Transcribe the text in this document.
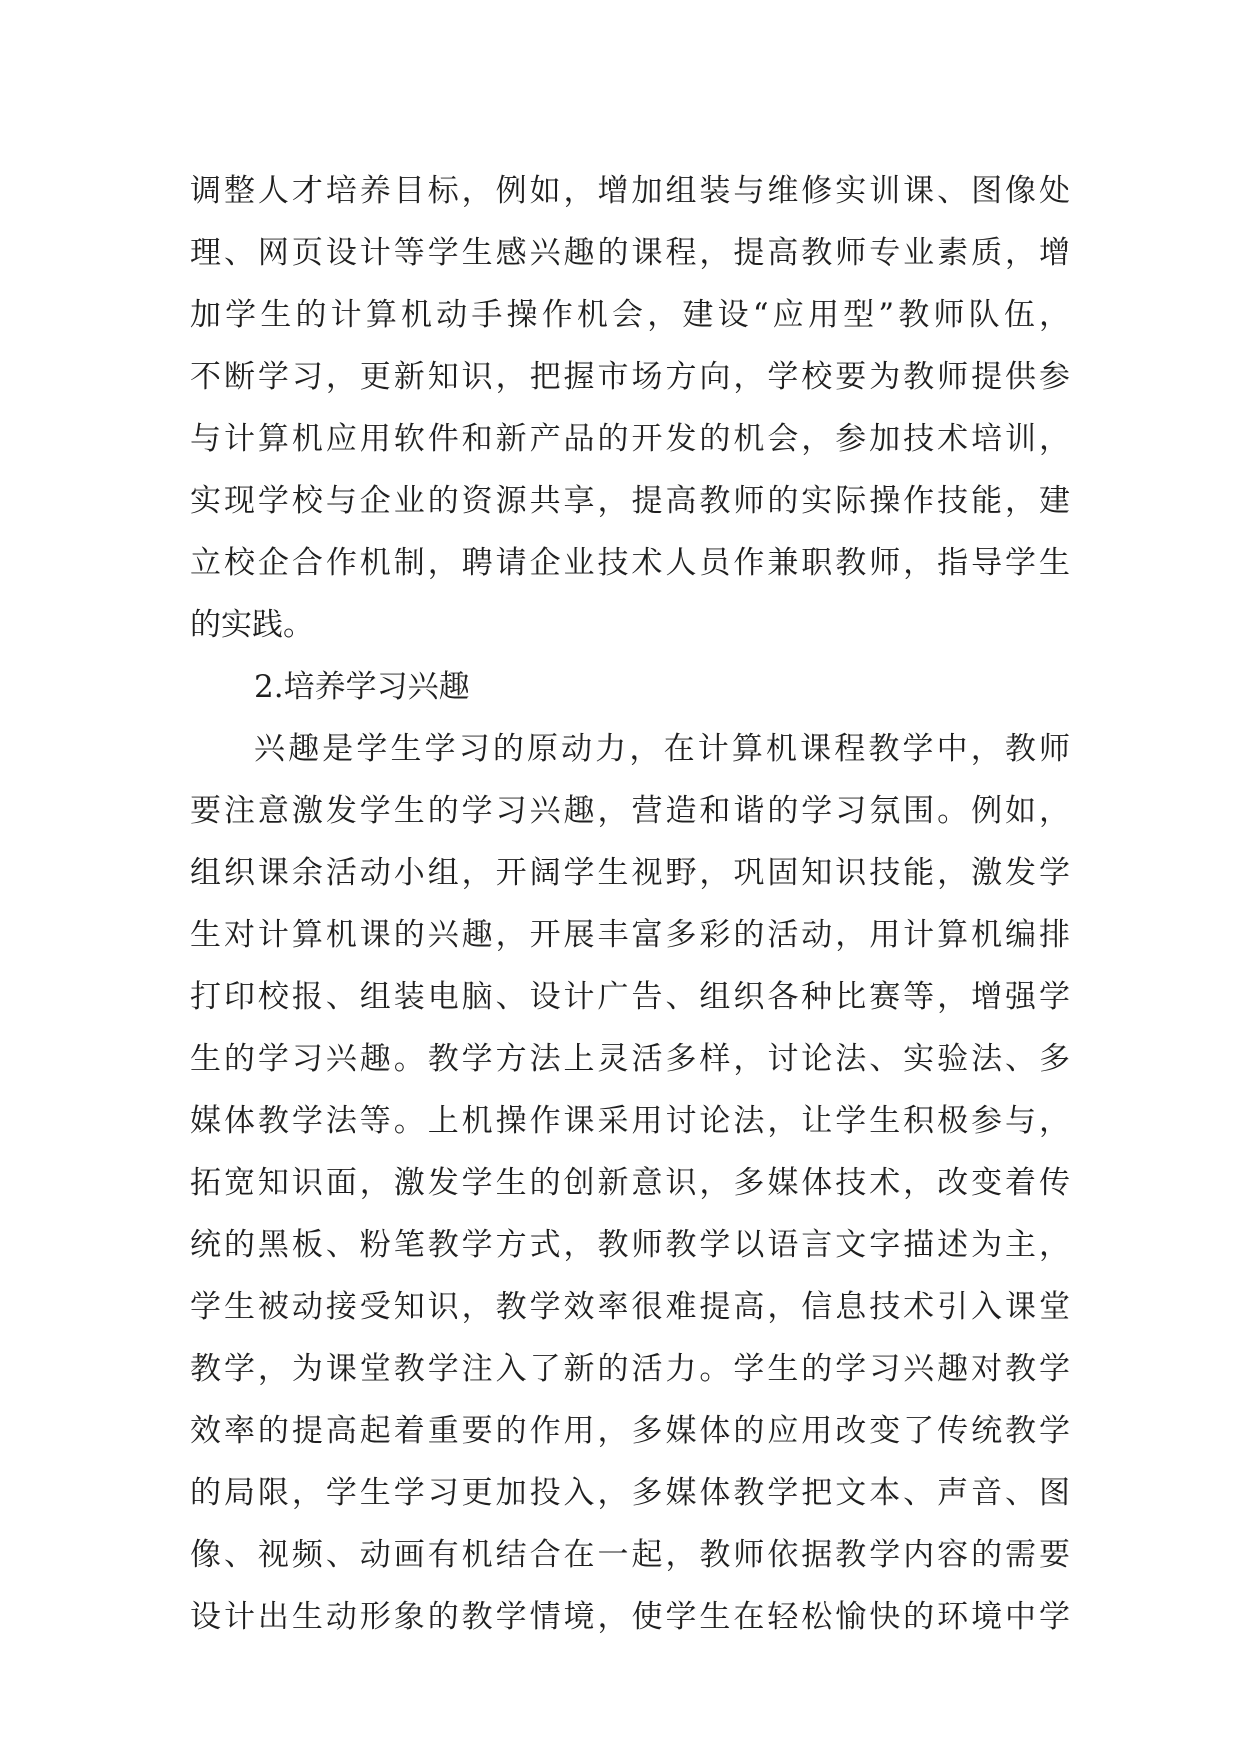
调整人才培养目标，例如，增加组装与维修实训课、图像处
理、网页设计等学生感兴趣的课程，提高教师专业素质，增
加学生的计算机动手操作机会，建设“应用型”教师队伍，
不断学习，更新知识，把握市场方向，学校要为教师提供参
与计算机应用软件和新产品的开发的机会，参加技术培训，
实现学校与企业的资源共享，提高教师的实际操作技能，建
立校企合作机制，聘请企业技术人员作兼职教师，指导学生
的实践。
2.培养学习兴趣
兴趣是学生学习的原动力，在计算机课程教学中，教师
要注意激发学生的学习兴趣，营造和谐的学习氛围。例如，
组织课余活动小组，开阔学生视野，巩固知识技能，激发学
生对计算机课的兴趣，开展丰富多彩的活动，用计算机编排
打印校报、组装电脑、设计广告、组织各种比赛等，增强学
生的学习兴趣。教学方法上灵活多样，讨论法、实验法、多
媒体教学法等。上机操作课采用讨论法，让学生积极参与，
拓宽知识面，激发学生的创新意识，多媒体技术，改变着传
统的黑板、粉笔教学方式，教师教学以语言文字描述为主，
学生被动接受知识，教学效率很难提高，信息技术引入课堂
教学，为课堂教学注入了新的活力。学生的学习兴趣对教学
效率的提高起着重要的作用，多媒体的应用改变了传统教学
的局限，学生学习更加投入，多媒体教学把文本、声音、图
像、视频、动画有机结合在一起，教师依据教学内容的需要
设计出生动形象的教学情境，使学生在轻松愉快的环境中学
